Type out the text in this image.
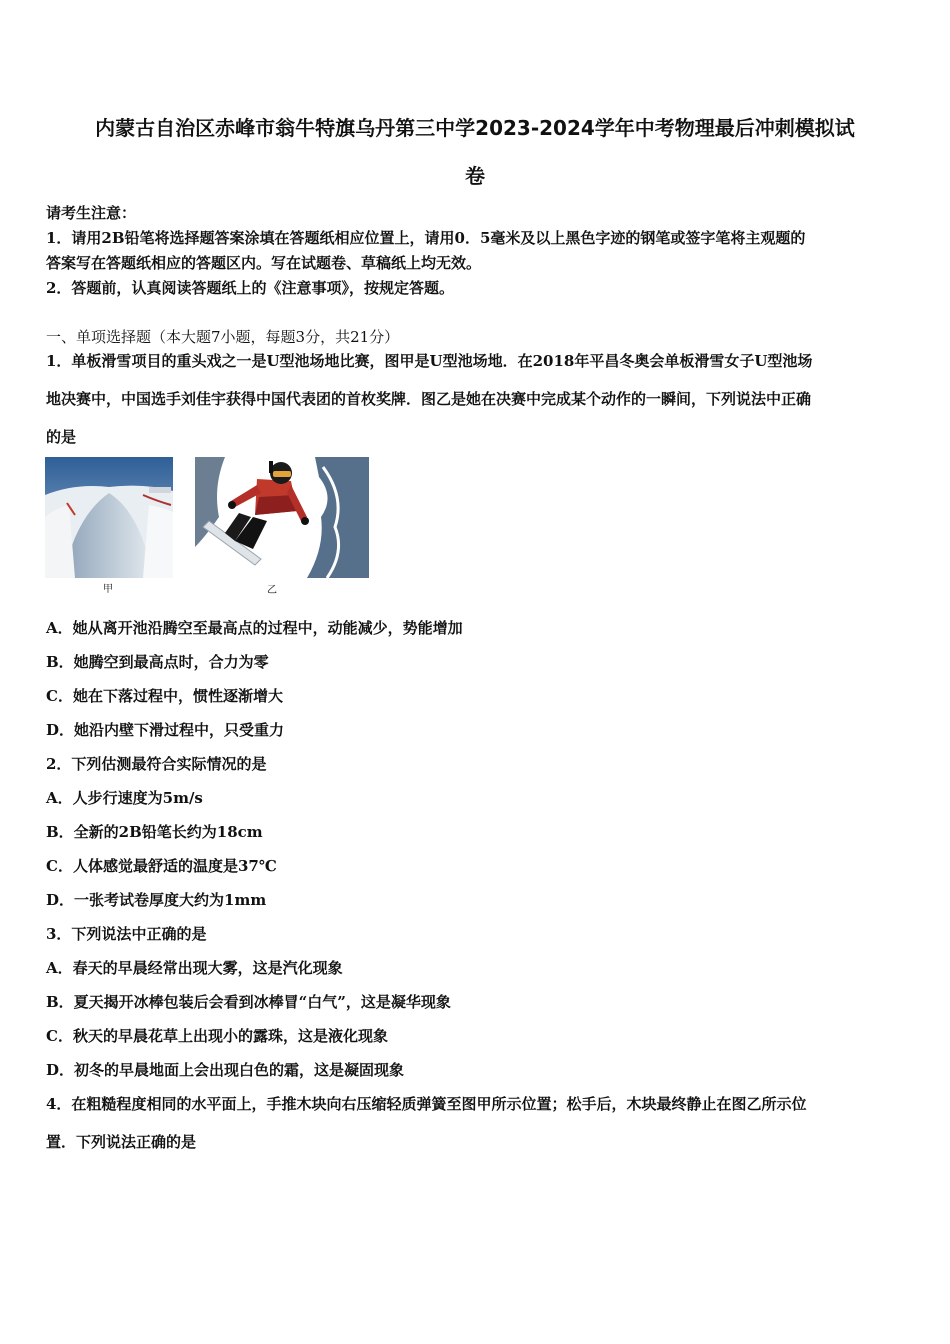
内蒙古自治区赤峰市翁牛特旗乌丹第三中学2023-2024学年中考物理最后冲刺模拟试
卷
请考生注意：
1．请用2B铅笔将选择题答案涂填在答题纸相应位置上，请用0．5毫米及以上黑色字迹的钢笔或签字笔将主观题的
答案写在答题纸相应的答题区内。写在试题卷、草稿纸上均无效。
2．答题前，认真阅读答题纸上的《注意事项》，按规定答题。
一、单项选择题（本大题7小题，每题3分，共21分）
1．单板滑雪项目的重头戏之一是U型池场地比赛，图甲是U型池场地．在2018年平昌冬奥会单板滑雪女子U型池场
地决赛中，中国选手刘佳宇获得中国代表团的首枚奖牌．图乙是她在决赛中完成某个动作的一瞬间，下列说法中正确
的是
甲	乙
A．她从离开池沿腾空至最高点的过程中，动能减少，势能增加
B．她腾空到最高点时，合力为零
C．她在下落过程中，惯性逐渐增大
D．她沿内壁下滑过程中，只受重力
2．下列估测最符合实际情况的是
A．人步行速度为5m/s
B．全新的2B铅笔长约为18cm
C．人体感觉最舒适的温度是37℃
D．一张考试卷厚度大约为1mm
3．下列说法中正确的是
A．春天的早晨经常出现大雾，这是汽化现象
B．夏天揭开冰棒包装后会看到冰棒冒“白气”，这是凝华现象
C．秋天的早晨花草上出现小的露珠，这是液化现象
D．初冬的早晨地面上会出现白色的霜，这是凝固现象
4．在粗糙程度相同的水平面上，手推木块向右压缩轻质弹簧至图甲所示位置；松手后，木块最终静止在图乙所示位
置．下列说法正确的是
